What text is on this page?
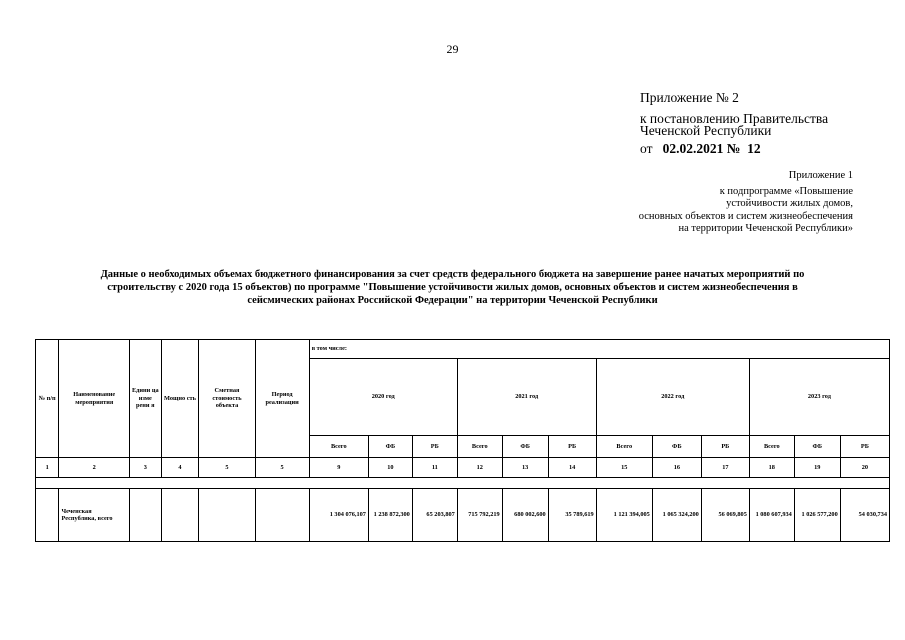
29
Приложение № 2
к постановлению Правительства
Чеченской Республики
от 02.02.2021 № 12
Приложение 1
к подпрограмме «Повышение
устойчивости жилых домов,
основных объектов и систем жизнеобеспечения
на территории Чеченской Республики»
Данные о необходимых объемах бюджетного финансирования за счет средств федерального бюджета на завершение ранее начатых мероприятий по
строительству с 2020 года 15 объектов) по программе "Повышение устойчивости жилых домов, основных объектов и систем жизнеобеспечения в
сейсмических районах Российской Федерации" на территории Чеченской Республики
№ п/п	Наименование мероприятия	Едини ца изме рени я	Мощно сть	Сметная стоимость объекта	Период реализации	в том числе:											
						2020 год			2021 год			2022 год			2023 год		
						Всего	ФБ	РБ	Всего	ФБ	РБ	Всего	ФБ	РБ	Всего	ФБ	РБ
1	2	3	4	5	5	9	10	11	12	13	14	15	16	17	18	19	20

	Чеченская Республика, всего					1 304 076,107	1 238 872,300	65 203,807	715 792,219	680 002,600	35 789,619	1 121 394,005	1 065 324,200	56 069,805	1 080 607,934	1 026 577,200	54 030,734
